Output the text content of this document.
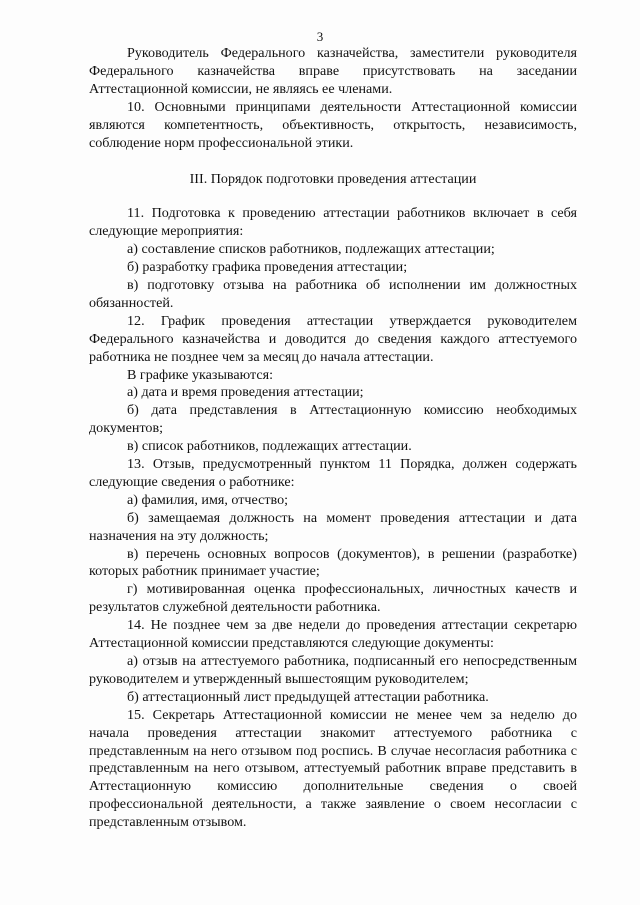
3

Руководитель Федерального казначейства, заместители руководителя Федерального казначейства вправе присутствовать на заседании Аттестационной комиссии, не являясь ее членами.

10. Основными принципами деятельности Аттестационной комиссии являются компетентность, объективность, открытость, независимость, соблюдение норм профессиональной этики.

III. Порядок подготовки проведения аттестации

11. Подготовка к проведению аттестации работников включает в себя следующие мероприятия:

а) составление списков работников, подлежащих аттестации;

б) разработку графика проведения аттестации;

в) подготовку отзыва на работника об исполнении им должностных обязанностей.

12. График проведения аттестации утверждается руководителем Федерального казначейства и доводится до сведения каждого аттестуемого работника не позднее чем за месяц до начала аттестации.

В графике указываются:

а) дата и время проведения аттестации;

б) дата представления в Аттестационную комиссию необходимых документов;

в) список работников, подлежащих аттестации.

13. Отзыв, предусмотренный пунктом 11 Порядка, должен содержать следующие сведения о работнике:

а) фамилия, имя, отчество;

б) замещаемая должность на момент проведения аттестации и дата назначения на эту должность;

в) перечень основных вопросов (документов), в решении (разработке) которых работник принимает участие;

г) мотивированная оценка профессиональных, личностных качеств и результатов служебной деятельности работника.

14. Не позднее чем за две недели до проведения аттестации секретарю Аттестационной комиссии представляются следующие документы:

а) отзыв на аттестуемого работника, подписанный его непосредственным руководителем и утвержденный вышестоящим руководителем;

б) аттестационный лист предыдущей аттестации работника.

15. Секретарь Аттестационной комиссии не менее чем за неделю до начала проведения аттестации знакомит аттестуемого работника с представленным на него отзывом под роспись. В случае несогласия работника с представленным на него отзывом, аттестуемый работник вправе представить в Аттестационную комиссию дополнительные сведения о своей профессиональной деятельности, а также заявление о своем несогласии с представленным отзывом.
